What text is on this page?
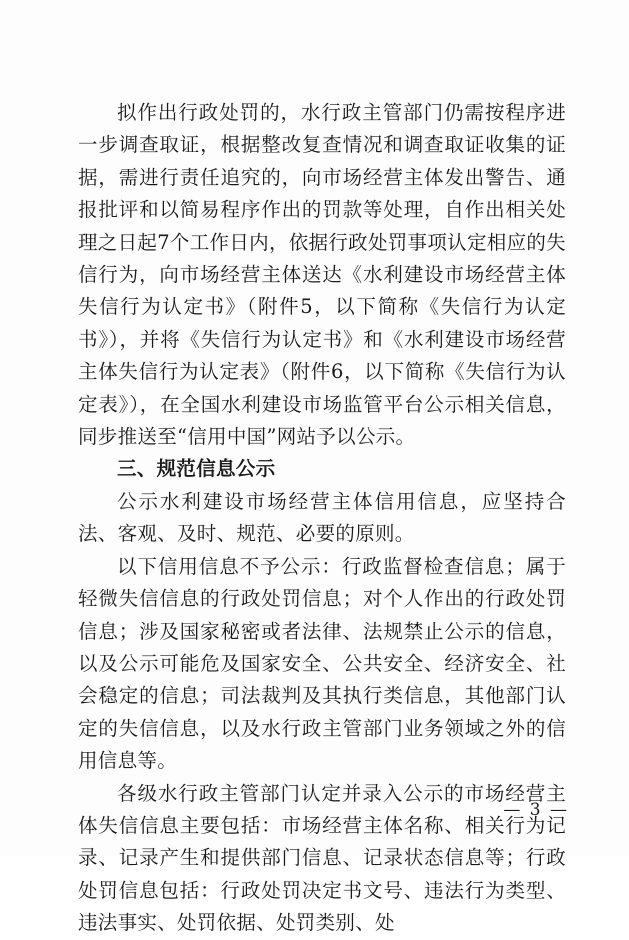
拟作出行政处罚的，水行政主管部门仍需按程序进一步调查取证，根据整改复查情况和调查取证收集的证据，需进行责任追究的，向市场经营主体发出警告、通报批评和以简易程序作出的罚款等处理，自作出相关处理之日起7个工作日内，依据行政处罚事项认定相应的失信行为，向市场经营主体送达《水利建设市场经营主体失信行为认定书》（附件5，以下简称《失信行为认定书》），并将《失信行为认定书》和《水利建设市场经营主体失信行为认定表》（附件6，以下简称《失信行为认定表》），在全国水利建设市场监管平台公示相关信息，同步推送至“信用中国”网站予以公示。

三、规范信息公示

公示水利建设市场经营主体信用信息，应坚持合法、客观、及时、规范、必要的原则。

以下信用信息不予公示：行政监督检查信息；属于轻微失信信息的行政处罚信息；对个人作出的行政处罚信息；涉及国家秘密或者法律、法规禁止公示的信息，以及公示可能危及国家安全、公共安全、经济安全、社会稳定的信息；司法裁判及其执行类信息，其他部门认定的失信信息，以及水行政主管部门业务领域之外的信用信息等。

各级水行政主管部门认定并录入公示的市场经营主体失信信息主要包括：市场经营主体名称、相关行为记录、记录产生和提供部门信息、记录状态信息等；行政处罚信息包括：行政处罚决定书文号、违法行为类型、违法事实、处罚依据、处罚类别、处

— 3 —
